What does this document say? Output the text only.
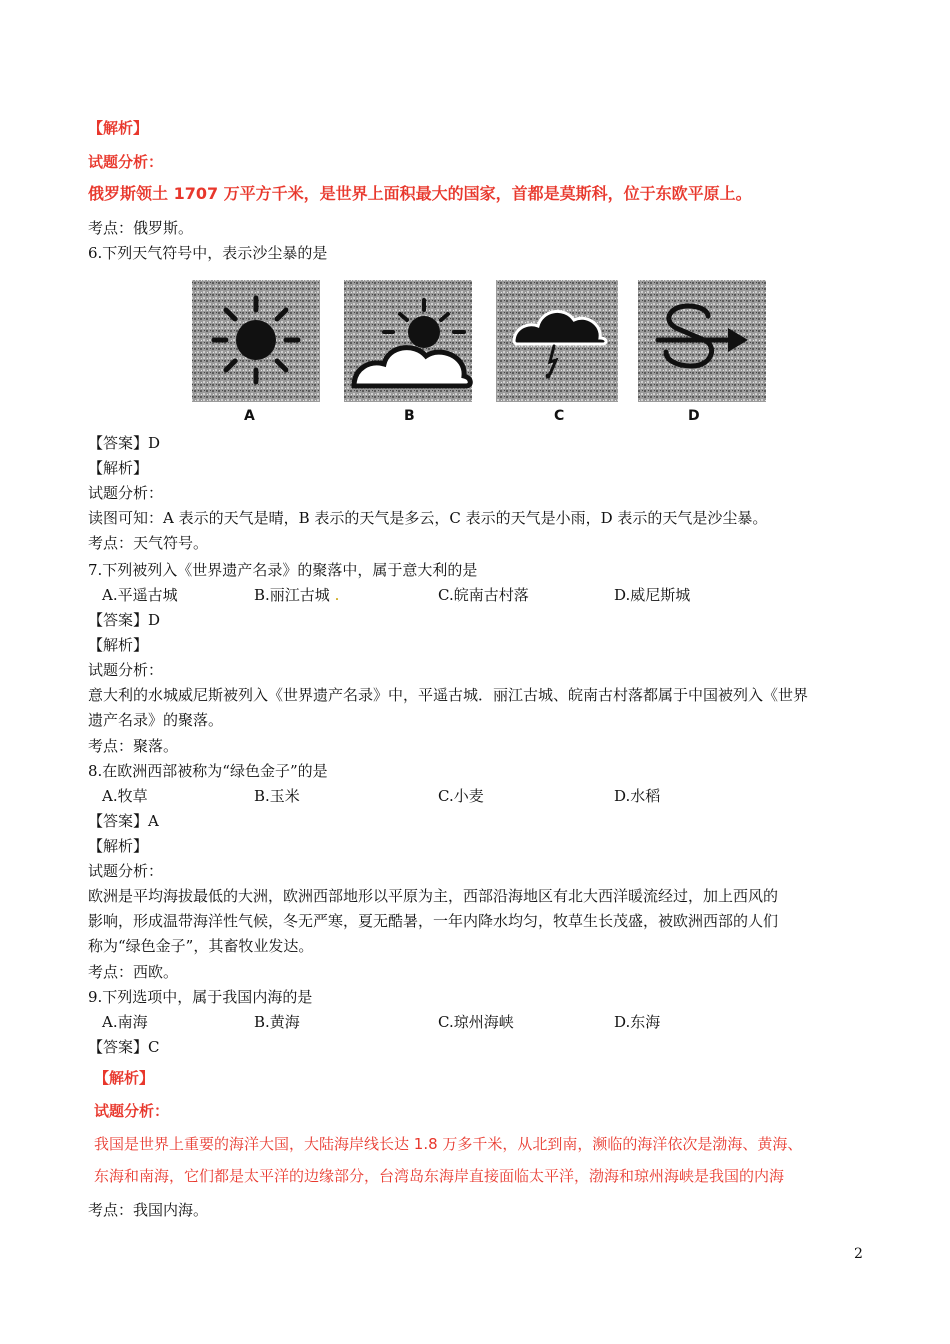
【解析】
试题分析：
俄罗斯领土 1707 万平方千米，是世界上面积最大的国家，首都是莫斯科，位于东欧平原上。
考点：俄罗斯。
6.下列天气符号中，表示沙尘暴的是
A	B	C	D
【答案】D
【解析】
试题分析：
读图可知：A 表示的天气是晴，B 表示的天气是多云，C 表示的天气是小雨，D 表示的天气是沙尘暴。
考点：天气符号。
7.下列被列入《世界遗产名录》的聚落中，属于意大利的是
A.平遥古城	B.丽江古城 .	C.皖南古村落	D.威尼斯城
【答案】D
【解析】
试题分析：
意大利的水城威尼斯被列入《世界遗产名录》中，平遥古城．丽江古城、皖南古村落都属于中国被列入《世界
遗产名录》的聚落。
考点：聚落。
8.在欧洲西部被称为“绿色金子”的是
A.牧草	B.玉米	C.小麦	D.水稻
【答案】A
【解析】
试题分析：
欧洲是平均海拔最低的大洲，欧洲西部地形以平原为主，西部沿海地区有北大西洋暖流经过，加上西风的
影响，形成温带海洋性气候，冬无严寒，夏无酷暑，一年内降水均匀，牧草生长茂盛，被欧洲西部的人们
称为“绿色金子”，其畜牧业发达。
考点：西欧。
9.下列选项中，属于我国内海的是
A.南海	B.黄海	C.琼州海峡	D.东海
【答案】C
【解析】
试题分析：
我国是世界上重要的海洋大国，大陆海岸线长达 1.8 万多千米，从北到南，濒临的海洋依次是渤海、黄海、
东海和南海，它们都是太平洋的边缘部分，台湾岛东海岸直接面临太平洋，渤海和琼州海峡是我国的内海
考点：我国内海。
2
